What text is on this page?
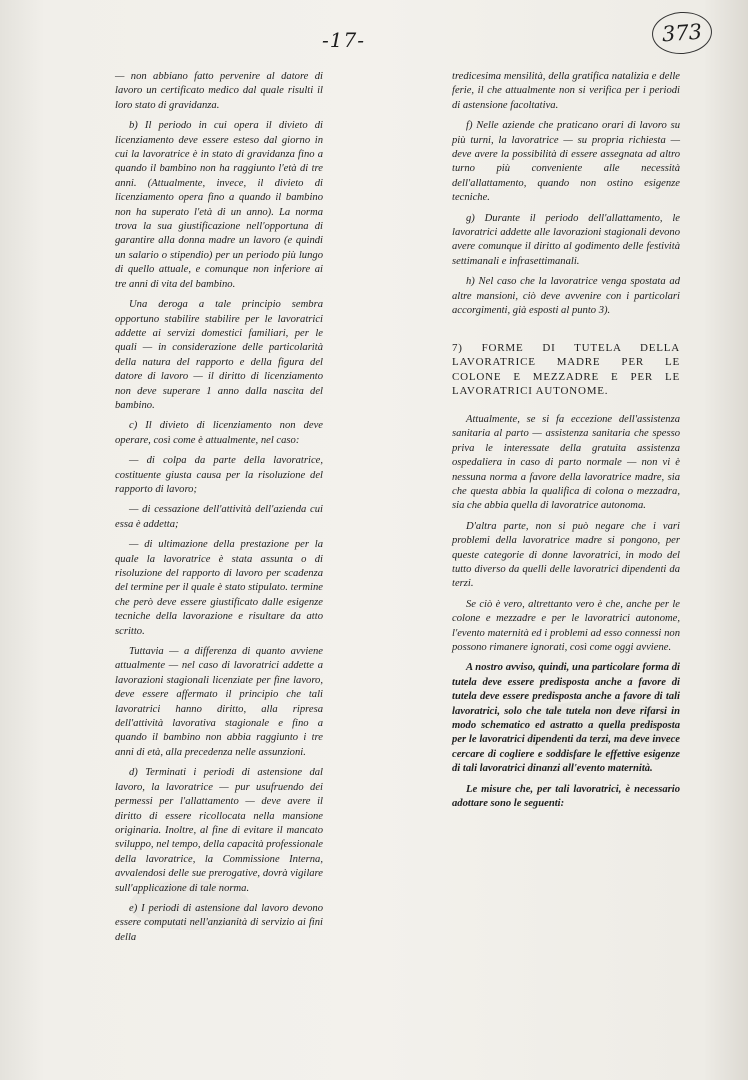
-17-	373

— non abbiano fatto pervenire al datore di lavoro un certificato medico dal quale risulti il loro stato di gravidanza.

b) Il periodo in cui opera il divieto di licenziamento deve essere esteso dal giorno in cui la lavoratrice è in stato di gravidanza fino a quando il bambino non ha raggiunto l'età di tre anni. (Attualmente, invece, il divieto di licenziamento opera fino a quando il bambino non ha superato l'età di un anno). La norma trova la sua giustificazione nell'opportuna di garantire alla donna madre un lavoro (e quindi un salario o stipendio) per un periodo più lungo di quello attuale, e comunque non inferiore ai tre anni di vita del bambino.

Una deroga a tale principio sembra opportuno stabilire stabilire per le lavoratrici addette ai servizi domestici familiari, per le quali — in considerazione delle particolarità della natura del rapporto e della figura del datore di lavoro — il diritto di licenziamento non deve superare 1 anno dalla nascita del bambino.

c) Il divieto di licenziamento non deve operare, così come è attualmente, nel caso:

— di colpa da parte della lavoratrice, costituente giusta causa per la risoluzione del rapporto di lavoro;

— di cessazione dell'attività dell'azienda cui essa è addetta;

— di ultimazione della prestazione per la quale la lavoratrice è stata assunta o di risoluzione del rapporto di lavoro per scadenza del termine per il quale è stato stipulato. termine che però deve essere giustificato dalle esigenze tecniche della lavorazione e risultare da atto scritto.

Tuttavia — a differenza di quanto avviene attualmente — nel caso di lavoratrici addette a lavorazioni stagionali licenziate per fine lavoro, deve essere affermato il principio che tali lavoratrici hanno diritto, alla ripresa dell'attività lavorativa stagionale e fino a quando il bambino non abbia raggiunto i tre anni di età, alla precedenza nelle assunzioni.

d) Terminati i periodi di astensione dal lavoro, la lavoratrice — pur usufruendo dei permessi per l'allattamento — deve avere il diritto di essere ricollocata nella mansione originaria. Inoltre, al fine di evitare il mancato sviluppo, nel tempo, della capacità professionale della lavoratrice, la Commissione Interna, avvalendosi delle sue prerogative, dovrà vigilare sull'applicazione di tale norma.

e) I periodi di astensione dal lavoro devono essere computati nell'anzianità di servizio ai fini della

tredicesima mensilità, della gratifica natalizia e delle ferie, il che attualmente non si verifica per i periodi di astensione facoltativa.

f) Nelle aziende che praticano orari di lavoro su più turni, la lavoratrice — su propria richiesta — deve avere la possibilità di essere assegnata ad altro turno più conveniente alle necessità dell'allattamento, quando non ostino esigenze tecniche.

g) Durante il periodo dell'allattamento, le lavoratrici addette alle lavorazioni stagionali devono avere comunque il diritto al godimento delle festività settimanali e infrasettimanali.

h) Nel caso che la lavoratrice venga spostata ad altre mansioni, ciò deve avvenire con i particolari accorgimenti, già esposti al punto 3).

7) FORME DI TUTELA DELLA LAVORATRICE MADRE PER LE COLONE E MEZZADRE E PER LE LAVORATRICI AUTONOME.

Attualmente, se si fa eccezione dell'assistenza sanitaria al parto — assistenza sanitaria che spesso priva le interessate della gratuita assistenza ospedaliera in caso di parto normale — non vi è nessuna norma a favore della lavoratrice madre, sia che questa abbia la qualifica di colona o mezzadra, sia che abbia quella di lavoratrice autonoma.

D'altra parte, non si può negare che i vari problemi della lavoratrice madre si pongono, per queste categorie di donne lavoratrici, in modo del tutto diverso da quelli delle lavoratrici dipendenti da terzi.

Se ciò è vero, altrettanto vero è che, anche per le colone e mezzadre e per le lavoratrici autonome, l'evento maternità ed i problemi ad esso connessi non possono rimanere ignorati, così come oggi avviene.

A nostro avviso, quindi, una particolare forma di tutela deve essere predisposta anche a favore di tutela deve essere predisposta anche a favore di tali lavoratrici, solo che tale tutela non deve rifarsi in modo schematico ed astratto a quella predisposta per le lavoratrici dipendenti da terzi, ma deve invece cercare di cogliere e soddisfare le effettive esigenze di tali lavoratrici dinanzi all'evento maternità.

Le misure che, per tali lavoratrici, è necessario adottare sono le seguenti:
